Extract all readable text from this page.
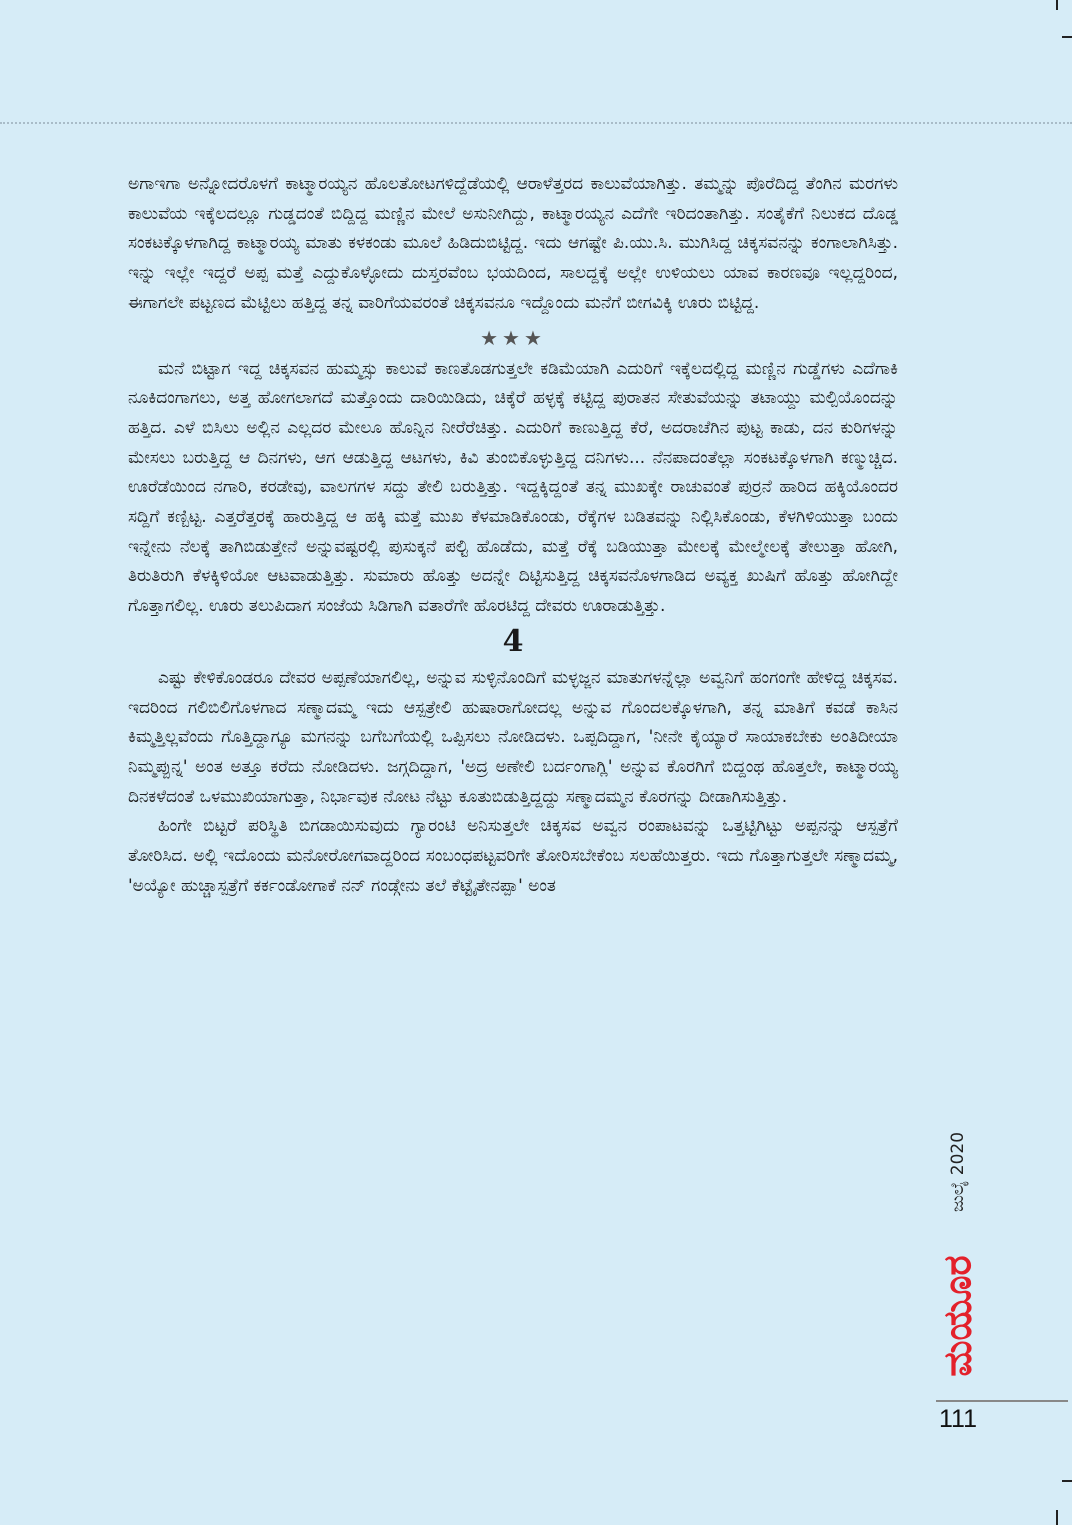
ಅಗಾಇಗಾ ಅನ್ನೋದರೊಳಗೆ ಕಾಟ್ಮಾರಯ್ಯನ ಹೊಲತೋಟಗಳಿದ್ದೆಡೆಯಲ್ಲಿ ಆರಾಳೆತ್ತರದ ಕಾಲುವೆಯಾಗಿತ್ತು. ತಮ್ಮನ್ನು ಪೊರೆದಿದ್ದ ತೆಂಗಿನ ಮರಗಳು ಕಾಲುವೆಯ ಇಕ್ಕೆಲದಲ್ಲೂ ಗುಡ್ಡದಂತೆ ಬಿದ್ದಿದ್ದ ಮಣ್ಣಿನ ಮೇಲೆ ಅಸುನೀಗಿದ್ದು, ಕಾಟ್ಮಾರಯ್ಯನ ಎದೆಗೇ ಇರಿದಂತಾಗಿತ್ತು. ಸಂತೈಕೆಗೆ ನಿಲುಕದ ದೊಡ್ಡ ಸಂಕಟಕ್ಕೊಳಗಾಗಿದ್ದ ಕಾಟ್ಮಾರಯ್ಯ ಮಾತು ಕಳಕಂಡು ಮೂಲೆ ಹಿಡಿದುಬಿಟ್ಟಿದ್ದ. ಇದು ಆಗಷ್ಟೇ ಪಿ.ಯು.ಸಿ. ಮುಗಿಸಿದ್ದ ಚಿಕ್ಕಸವನನ್ನು ಕಂಗಾಲಾಗಿಸಿತ್ತು. ಇನ್ನು ಇಲ್ಲೇ ಇದ್ದರೆ ಅಪ್ಪ ಮತ್ತೆ ಎದ್ದುಕೊಳ್ಳೋದು ದುಸ್ತರವೆಂಬ ಭಯದಿಂದ, ಸಾಲದ್ದಕ್ಕೆ ಅಲ್ಲೇ ಉಳಿಯಲು ಯಾವ ಕಾರಣವೂ ಇಲ್ಲದ್ದರಿಂದ, ಈಗಾಗಲೇ ಪಟ್ಟಣದ ಮೆಟ್ಟಿಲು ಹತ್ತಿದ್ದ ತನ್ನ ವಾರಿಗೆಯವರಂತೆ ಚಿಕ್ಕಸವನೂ ಇದ್ದೊಂದು ಮನೆಗೆ ಬೀಗವಿಕ್ಕಿ ಊರು ಬಿಟ್ಟಿದ್ದ.

★★★

ಮನೆ ಬಿಟ್ಟಾಗ ಇದ್ದ ಚಿಕ್ಕಸವನ ಹುಮ್ಮಸ್ಸು ಕಾಲುವೆ ಕಾಣತೊಡಗುತ್ತಲೇ ಕಡಿಮೆಯಾಗಿ ಎದುರಿಗೆ ಇಕ್ಕೆಲದಲ್ಲಿದ್ದ ಮಣ್ಣಿನ ಗುಡ್ಡೆಗಳು ಎದೆಗಾಕಿ ನೂಕಿದಂಗಾಗಲು, ಅತ್ತ ಹೋಗಲಾಗದೆ ಮತ್ತೊಂದು ದಾರಿಯಿಡಿದು, ಚಿಕ್ಕೆರೆ ಹಳ್ಳಕ್ಕೆ ಕಟ್ಟಿದ್ದ ಪುರಾತನ ಸೇತುವೆಯನ್ನು ತಟಾಯ್ದು ಮಲ್ಪಿಯೊಂದನ್ನು ಹತ್ತಿದ. ಎಳೆ ಬಿಸಿಲು ಅಲ್ಲಿನ ಎಲ್ಲದರ ಮೇಲೂ ಹೊನ್ನಿನ ನೀರೆರೆಚಿತ್ತು. ಎದುರಿಗೆ ಕಾಣುತ್ತಿದ್ದ ಕೆರೆ, ಅದರಾಚೆಗಿನ ಪುಟ್ಟ ಕಾಡು, ದನ ಕುರಿಗಳನ್ನು ಮೇಸಲು ಬರುತ್ತಿದ್ದ ಆ ದಿನಗಳು, ಆಗ ಆಡುತ್ತಿದ್ದ ಆಟಗಳು, ಕಿವಿ ತುಂಬಿಕೊಳ್ಳುತ್ತಿದ್ದ ದನಿಗಳು... ನೆನಪಾದಂತೆಲ್ಲಾ ಸಂಕಟಕ್ಕೊಳಗಾಗಿ ಕಣ್ಮುಚ್ಚಿದ. ಊರೆಡೆಯಿಂದ ನಗಾರಿ, ಕರಡೇವು, ವಾಲಗಗಳ ಸದ್ದು ತೇಲಿ ಬರುತ್ತಿತ್ತು. ಇದ್ದಕ್ಕಿದ್ದಂತೆ ತನ್ನ ಮುಖಕ್ಕೇ ರಾಚುವಂತೆ ಪುರ್ರನೆ ಹಾರಿದ ಹಕ್ಕಿಯೊಂದರ ಸದ್ದಿಗೆ ಕಣ್ಬಿಟ್ಟ. ಎತ್ತರೆತ್ತರಕ್ಕೆ ಹಾರುತ್ತಿದ್ದ ಆ ಹಕ್ಕಿ ಮತ್ತೆ ಮುಖ ಕೆಳಮಾಡಿಕೊಂಡು, ರೆಕ್ಕೆಗಳ ಬಡಿತವನ್ನು ನಿಲ್ಲಿಸಿಕೊಂಡು, ಕೆಳಗಿಳಿಯುತ್ತಾ ಬಂದು ಇನ್ನೇನು ನೆಲಕ್ಕೆ ತಾಗಿಬಿಡುತ್ತೇನೆ ಅನ್ನುವಷ್ಟರಲ್ಲಿ ಪುಸುಕ್ಕನೆ ಪಲ್ಟಿ ಹೊಡೆದು, ಮತ್ತೆ ರೆಕ್ಕೆ ಬಡಿಯುತ್ತಾ ಮೇಲಕ್ಕೆ ಮೇಲ್ಮೇಲಕ್ಕೆ ತೇಲುತ್ತಾ ಹೋಗಿ, ತಿರುತಿರುಗಿ ಕೆಳಕ್ಕಿಳಿಯೋ ಆಟವಾಡುತ್ತಿತ್ತು. ಸುಮಾರು ಹೊತ್ತು ಅದನ್ನೇ ದಿಟ್ಟಿಸುತ್ತಿದ್ದ ಚಿಕ್ಕಸವನೊಳಗಾಡಿದ ಅವ್ಯಕ್ತ ಖುಷಿಗೆ ಹೊತ್ತು ಹೋಗಿದ್ದೇ ಗೊತ್ತಾಗಲಿಲ್ಲ. ಊರು ತಲುಪಿದಾಗ ಸಂಜೆಯ ಸಿಡಿಗಾಗಿ ವತಾರೆಗೇ ಹೊರಟಿದ್ದ ದೇವರು ಊರಾಡುತ್ತಿತ್ತು.

4

ಎಷ್ಟು ಕೇಳಿಕೊಂಡರೂ ದೇವರ ಅಪ್ಪಣೆಯಾಗಲಿಲ್ಲ, ಅನ್ನುವ ಸುಳ್ಳಿನೊಂದಿಗೆ ಮಳ್ಳಜ್ಜನ ಮಾತುಗಳನ್ನೆಲ್ಲಾ ಅವ್ವನಿಗೆ ಹಂಗಂಗೇ ಹೇಳಿದ್ದ ಚಿಕ್ಕಸವ. ಇದರಿಂದ ಗಲಿಬಿಲಿಗೊಳಗಾದ ಸಣ್ಮಾದಮ್ಮ ಇದು ಆಸ್ಪತ್ರೇಲಿ ಹುಷಾರಾಗೋದಲ್ಲ ಅನ್ನುವ ಗೊಂದಲಕ್ಕೊಳಗಾಗಿ, ತನ್ನ ಮಾತಿಗೆ ಕವಡೆ ಕಾಸಿನ ಕಿಮ್ಮತ್ತಿಲ್ಲವೆಂದು ಗೊತ್ತಿದ್ದಾಗ್ಯೂ ಮಗನನ್ನು ಬಗೆಬಗೆಯಲ್ಲಿ ಒಪ್ಪಿಸಲು ನೋಡಿದಳು. ಒಪ್ಪದಿದ್ದಾಗ, 'ನೀನೇ ಕೈಯ್ಯಾರೆ ಸಾಯಾಕಬೇಕು ಅಂತಿದೀಯಾ ನಿಮ್ಮಪ್ಪುನ್ನ' ಅಂತ ಅತ್ತೂ ಕರೆದು ನೋಡಿದಳು. ಜಗ್ಗದಿದ್ದಾಗ, 'ಅದ್ರ ಅಣೇಲಿ ಬರ್ದಂಗಾಗ್ಲಿ' ಅನ್ನುವ ಕೊರಗಿಗೆ ಬಿದ್ದಂಥ ಹೊತ್ತಲೇ, ಕಾಟ್ಮಾರಯ್ಯ ದಿನಕಳೆದಂತೆ ಒಳಮುಖಿಯಾಗುತ್ತಾ, ನಿರ್ಭಾವುಕ ನೋಟ ನೆಟ್ಟು ಕೂತುಬಿಡುತ್ತಿದ್ದದ್ದು ಸಣ್ಮಾದಮ್ಮನ ಕೊರಗನ್ನು ದೀಡಾಗಿಸುತ್ತಿತ್ತು.

ಹಿಂಗೇ ಬಿಟ್ಟರೆ ಪರಿಸ್ಥಿತಿ ಬಿಗಡಾಯಿಸುವುದು ಗ್ಯಾರಂಟಿ ಅನಿಸುತ್ತಲೇ ಚಿಕ್ಕಸವ ಅವ್ವನ ರಂಪಾಟವನ್ನು ಒತ್ತಟ್ಟಿಗಿಟ್ಟು ಅಪ್ಪನನ್ನು ಆಸ್ಪತ್ರೆಗೆ ತೋರಿಸಿದ. ಅಲ್ಲಿ ಇದೊಂದು ಮನೋರೋಗವಾದ್ದರಿಂದ ಸಂಬಂಧಪಟ್ಟವರಿಗೇ ತೋರಿಸಬೇಕೆಂಬ ಸಲಹೆಯಿತ್ತರು. ಇದು ಗೊತ್ತಾಗುತ್ತಲೇ ಸಣ್ಮಾದಮ್ಮ, 'ಅಯ್ಯೋ ಹುಚ್ಚಾಸ್ಪತ್ರೆಗೆ ಕರ್ಕಂಡೋಗಾಕೆ ನನ್ ಗಂಡ್ಗೇನು ತಲೆ ಕೆಟ್ಟೈತೇನಪ್ಪಾ' ಅಂತ

ಜುಲೈ 2020
ಮಯೂರ
111
